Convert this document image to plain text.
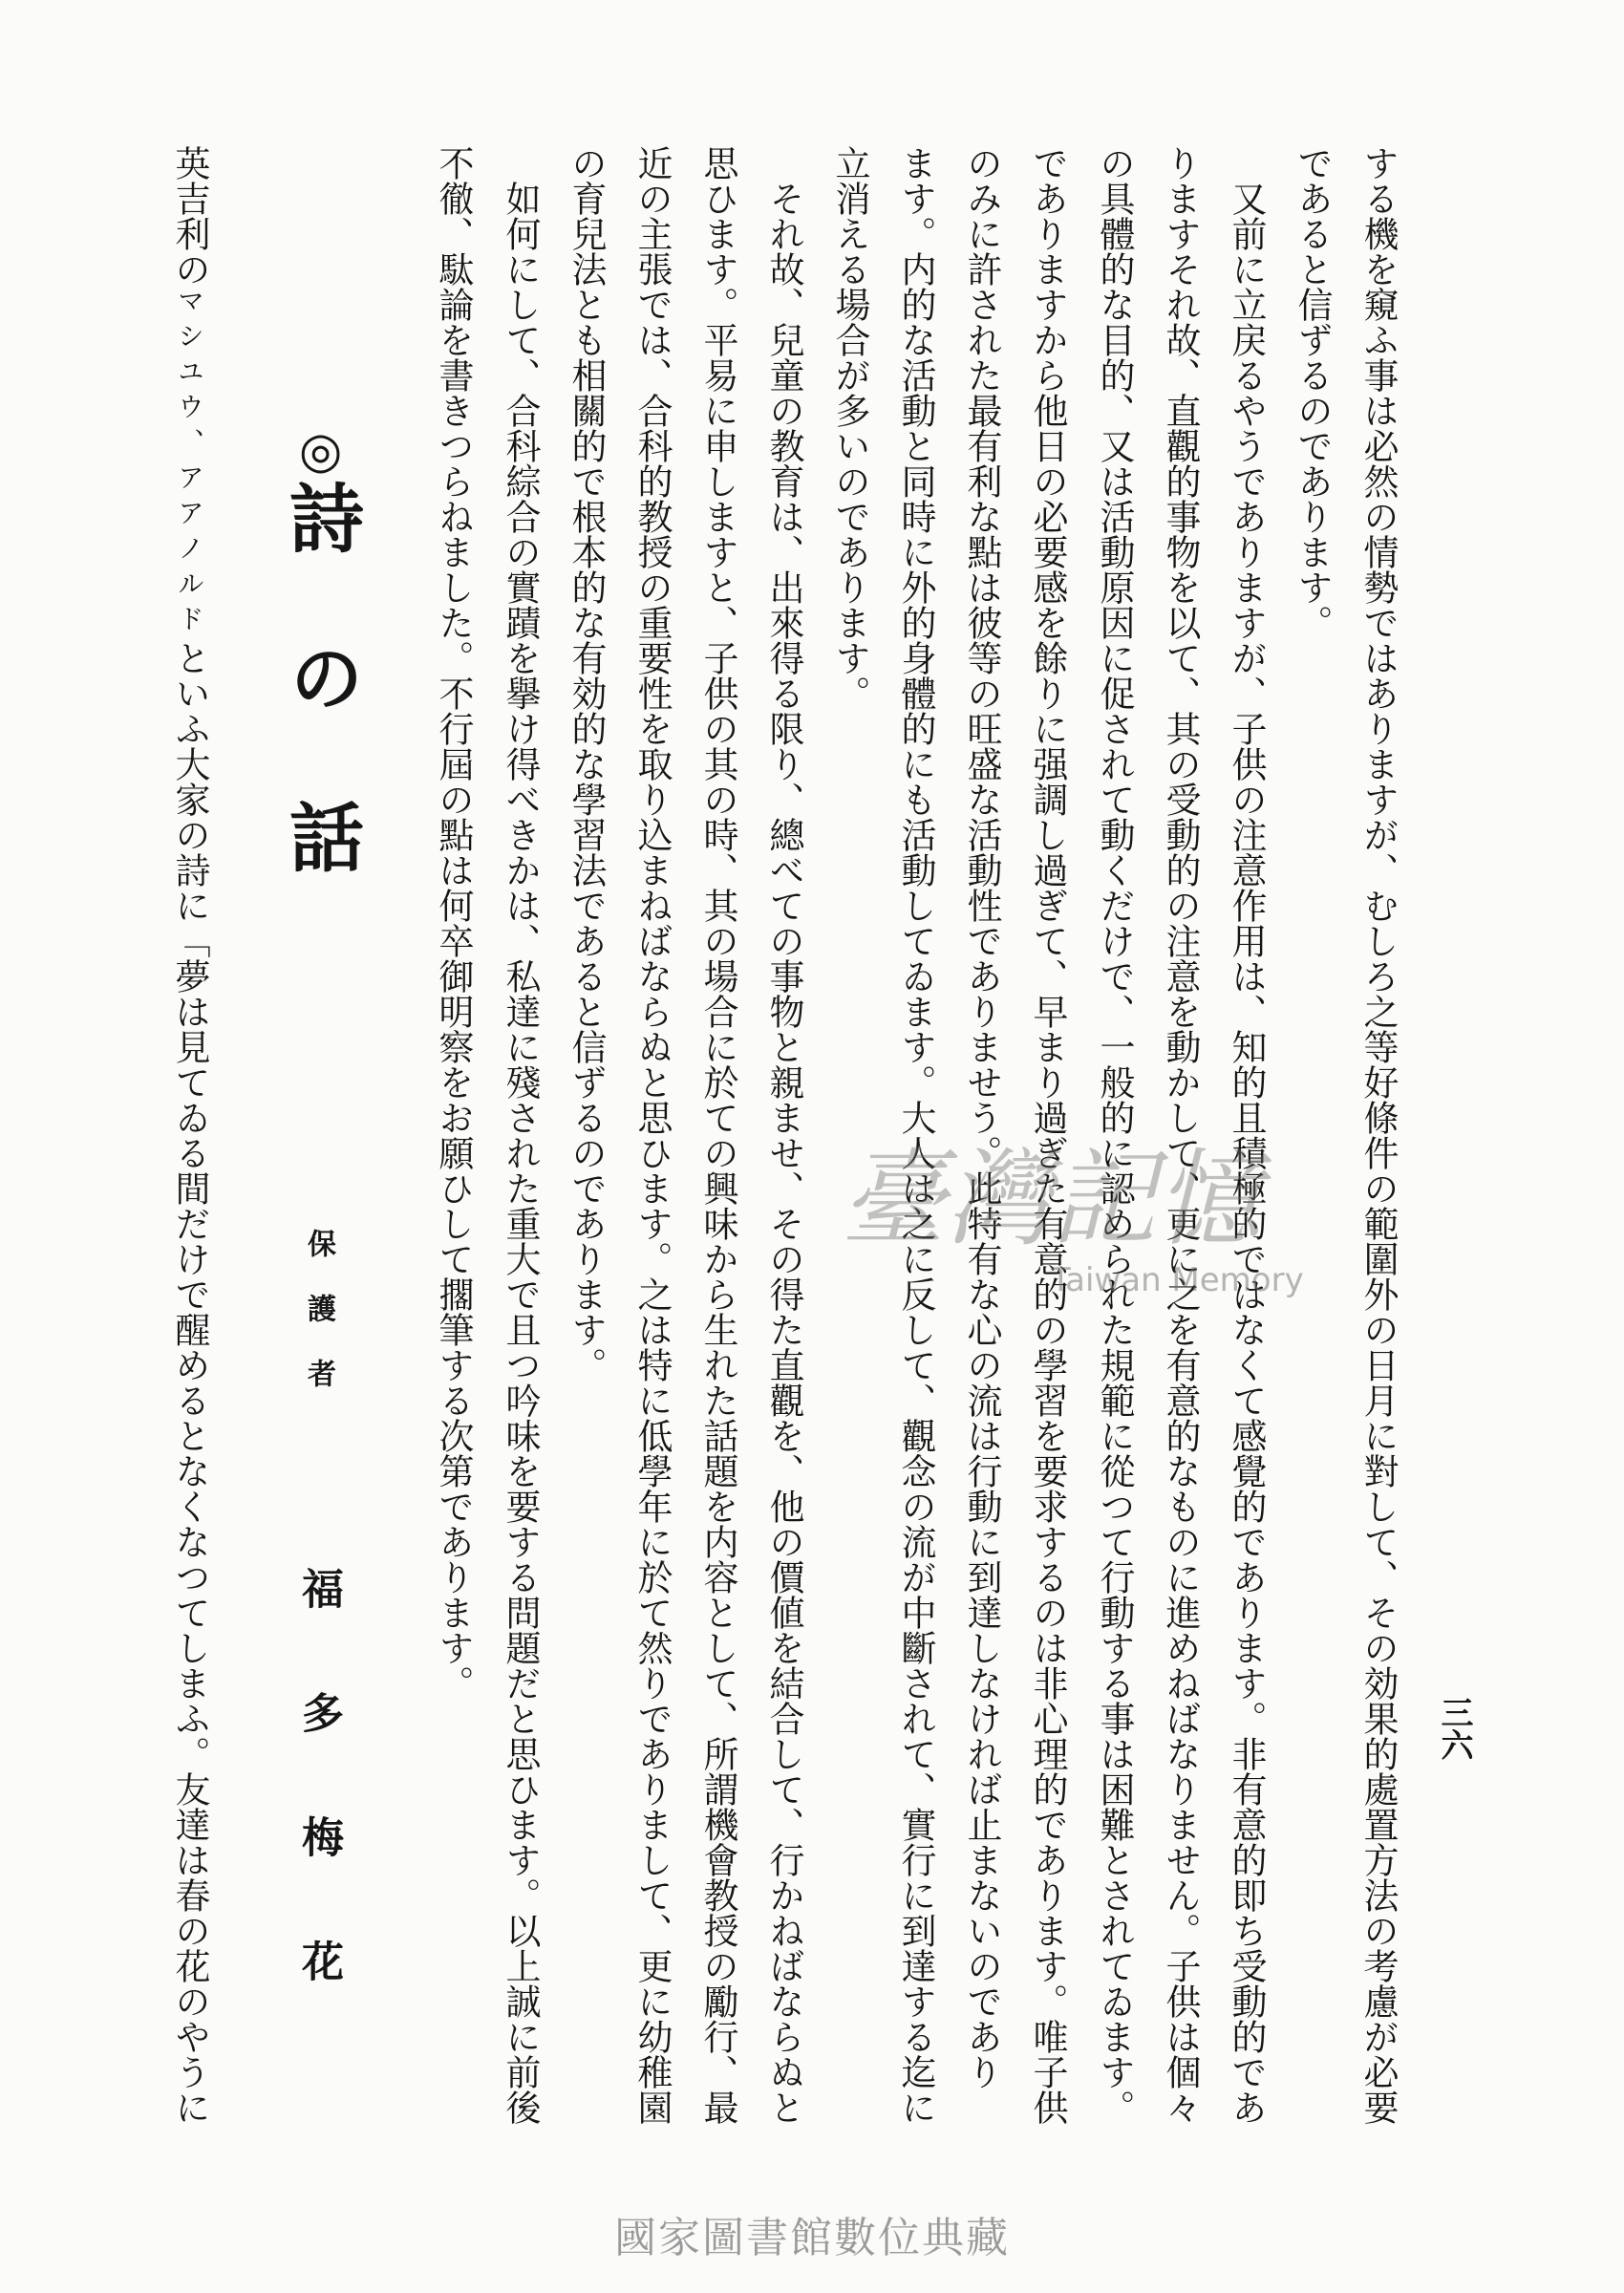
三六
する機を窺ふ事は必然の情勢ではありますが、むしろ之等好條件の範圍外の日月に對して、その効果的處置方法の考慮が必要
であると信ずるのであります。
　又前に立戻るやうでありますが、子供の注意作用は、知的且積極的ではなくて感覺的であります。非有意的即ち受動的であ
りますそれ故、直觀的事物を以て、其の受動的の注意を動かして、更に之を有意的なものに進めねばなりません。子供は個々
の具體的な目的、又は活動原因に促されて動くだけで、一般的に認められた規範に從つて行動する事は困難とされてゐます。
でありますから他日の必要感を餘りに强調し過ぎて、早まり過ぎた有意的の學習を要求するのは非心理的であります。唯子供
のみに許された最有利な點は彼等の旺盛な活動性でありませう。此特有な心の流は行動に到達しなければ止まないのであり
ます。内的な活動と同時に外的身體的にも活動してゐます。大人は之に反して、觀念の流が中斷されて、實行に到達する迄に
立消える場合が多いのであります。
　それ故、兒童の教育は、出來得る限り、總べての事物と親ませ、その得た直觀を、他の價値を結合して、行かねばならぬと
思ひます。平易に申しますと、子供の其の時、其の場合に於ての興味から生れた話題を内容として、所謂機會教授の勵行、最
近の主張では、合科的教授の重要性を取り込まねばならぬと思ひます。之は特に低學年に於て然りでありまして、更に幼稚園
の育兒法とも相關的で根本的な有効的な學習法であると信ずるのであります。
　如何にして、合科綜合の實蹟を擧け得べきかは、私達に殘された重大で且つ吟味を要する問題だと思ひます。以上誠に前後
不徹、駄論を書きつらねました。不行屆の點は何卒御明察をお願ひして擱筆する次第であります。
◎詩の話
保護者
福多梅花
英吉利のマシユウ、アアノルドといふ大家の詩に「夢は見てゐる間だけで醒めるとなくなつてしまふ。友達は春の花のやうに	臺灣記憶
Taiwan Memory
國家圖書館數位典藏
